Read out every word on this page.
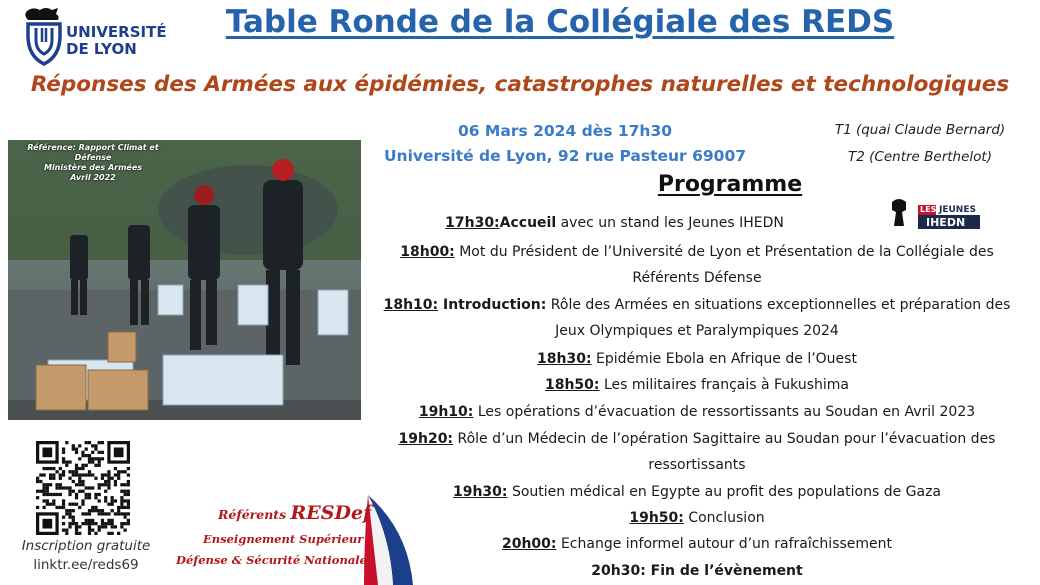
UNIVERSITÉ
DE LYON
Table Ronde de la Collégiale des REDS
Réponses des Armées aux épidémies, catastrophes naturelles et technologiques
06 Mars 2024 dès 17h30
Université de Lyon, 92 rue Pasteur 69007
T1 (quai Claude Bernard)
T2 (Centre Berthelot)
Référence: Rapport Climat et Défense
Ministère des Armées
Avril 2022	Programme
LES JEUNES
IHEDN
17h30:Accueil avec un stand les Jeunes IHEDN
18h00: Mot du Président de l’Université de Lyon et Présentation de la Collégiale des
Référents Défense
18h10: Introduction: Rôle des Armées en situations exceptionnelles et préparation des
Jeux Olympiques et Paralympiques 2024
18h30: Epidémie Ebola en Afrique de l’Ouest
18h50: Les militaires français à Fukushima
19h10: Les opérations d’évacuation de ressortissants au Soudan en Avril 2023
19h20: Rôle d’un Médecin de l’opération Sagittaire au Soudan pour l’évacuation des
ressortissants
19h30: Soutien médical en Egypte au profit des populations de Gaza
19h50: Conclusion
20h00: Echange informel autour d’un rafraîchissement
20h30: Fin de l’évènement
Inscription gratuite
linktr.ee/reds69
Référents RESDef
Enseignement Supérieur
Défense & Sécurité Nationale
